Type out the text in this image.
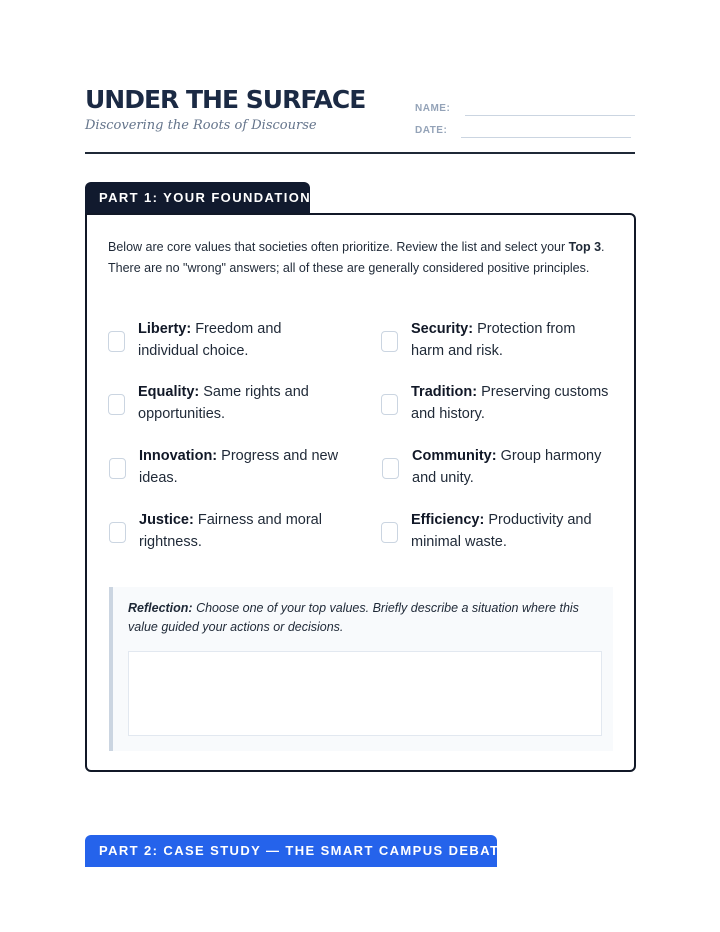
UNDER THE SURFACE
Discovering the Roots of Discourse
NAME:
DATE:
PART 1: YOUR FOUNDATION

Below are core values that societies often prioritize. Review the list and select your Top 3. There are no "wrong" answers; all of these are generally considered positive principles.

Liberty: Freedom and individual choice.
Security: Protection from harm and risk.
Equality: Same rights and opportunities.
Tradition: Preserving customs and history.
Innovation: Progress and new ideas.
Community: Group harmony and unity.
Justice: Fairness and moral rightness.
Efficiency: Productivity and minimal waste.

Reflection: Choose one of your top values. Briefly describe a situation where this value guided your actions or decisions.

PART 2: CASE STUDY — THE SMART CAMPUS DEBATE
